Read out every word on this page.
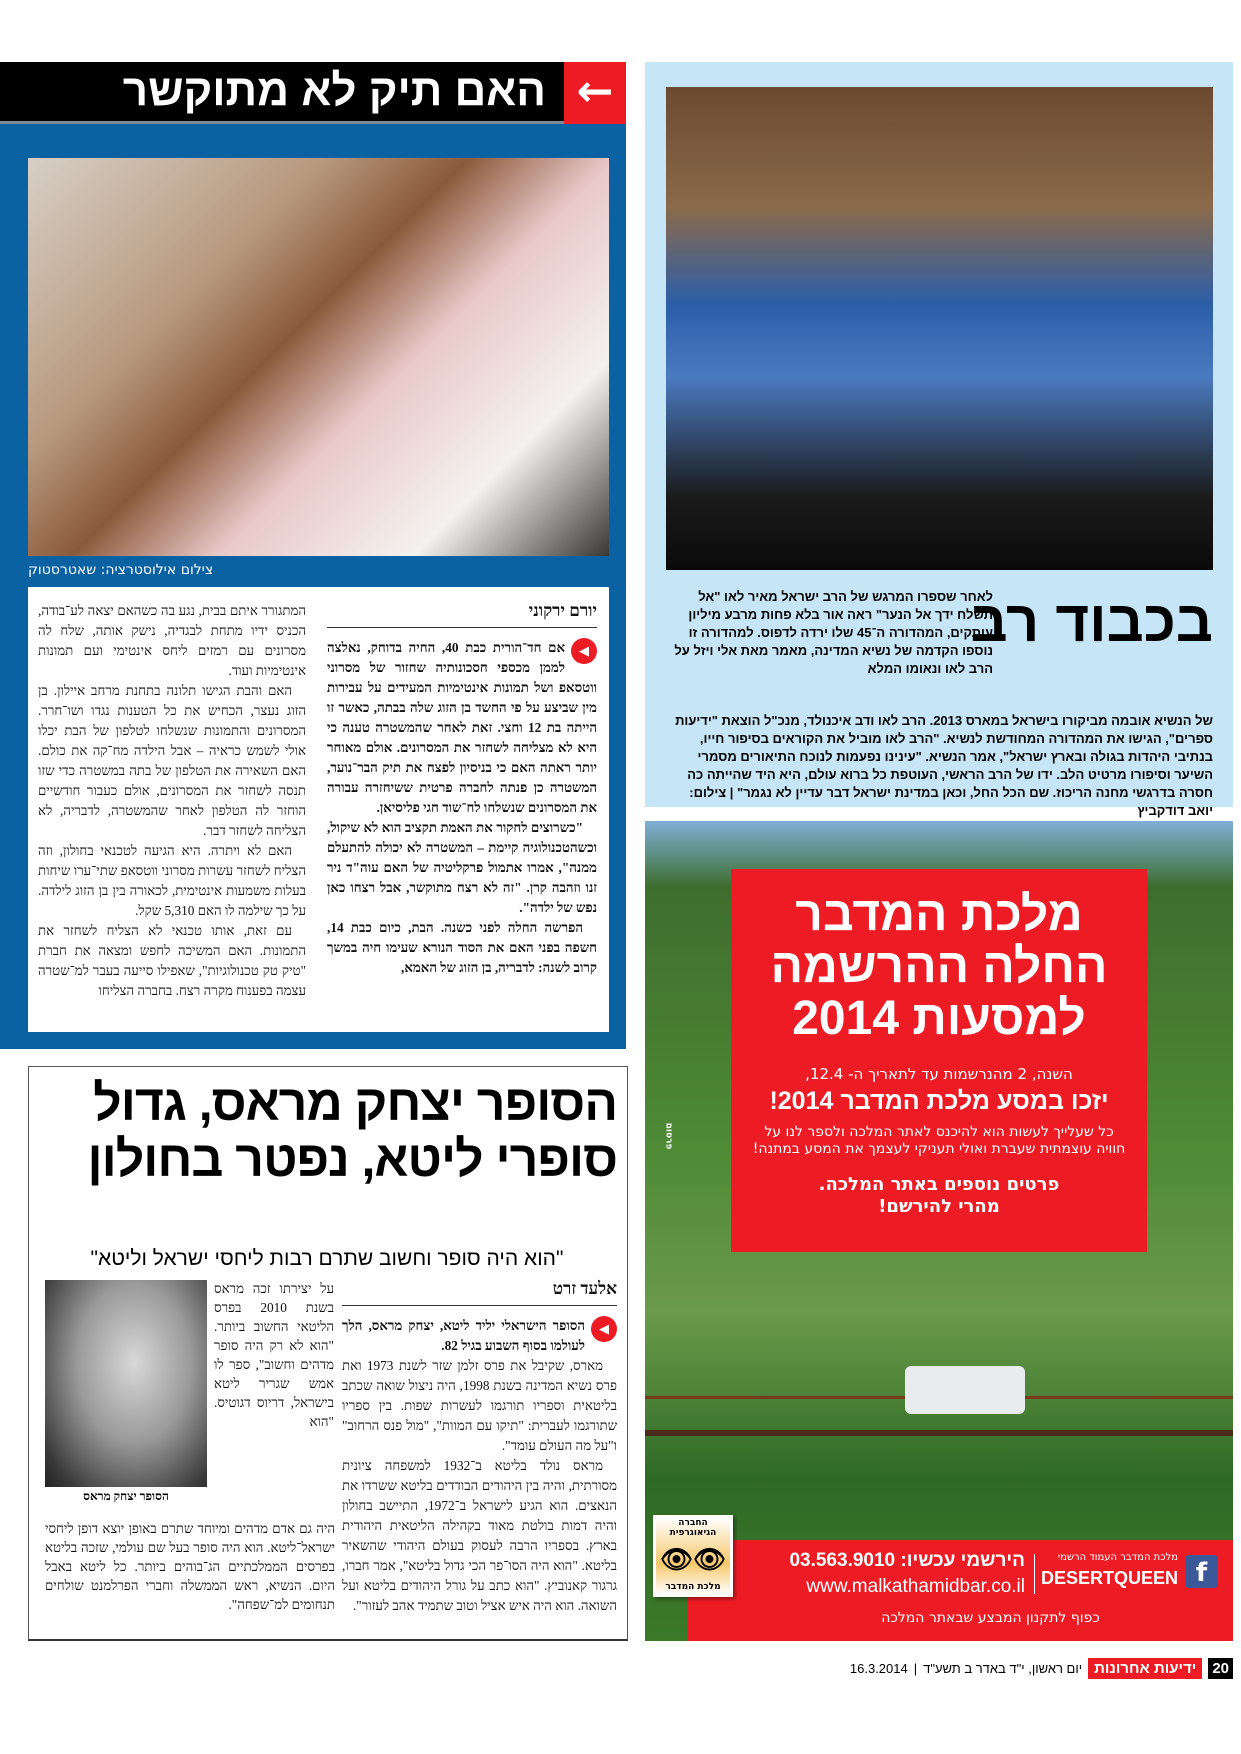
←
האם תיק לא מתוקשר
צילום אילוסטרציה: שאטרסטוק
יורם ירקוני
◀

אם חד־הורית כבת 40, החיה בדוחק, נאלצה לממן מכספי חסכונותיה שחזור של מסרוני ווטסאפ ושל תמונות אינטימיות המעידים על עבירות מין שביצע על פי החשד בן הזוג שלה בבתה, כאשר זו הייתה בת 12 וחצי. זאת לאחר שהמשטרה טענה כי היא לא מצליחה לשחזר את המסרונים. אולם מאוחר יותר ראתה האם כי בניסיון לפצח את תיק הבר־נוער, המשטרה כן פנתה לחברה פרטית ששיחזרה עבורה את המסרונים שנשלחו לח־שוד חגי פליסיאן.

"כשרוצים לחקור את האמת תקציב הוא לא שיקול, וכשהטכנולוגיה קיימת – המשטרה לא יכולה להתעלם ממנה", אמרו אתמול פרקליטיה של האם עוה"ד ניר זנו וזהבה קרן. "זה לא רצח מתוקשר, אבל רצחו כאן נפש של ילדה".

הפרשה החלה לפני כשנה. הבת, כיום כבת 14, חשפה בפני האם את הסוד הנורא שעימו חיה במשך קרוב לשנה: לדבריה, בן הזוג של האמא,

המתגורר איתם בבית, נגע בה כשהאם יצאה לע־בודה, הכניס ידיו מתחת לבגדיה, נישק אותה, שלח לה מסרונים עם רמזים ליחס אינטימי ועם תמונות אינטימיות ועוד.

האם והבת הגישו תלונה בתחנת מרחב איילון. בן הזוג נעצר, הכחיש את כל הטענות נגדו ושו־חרר. המסרונים והתמונות שנשלחו לטלפון של הבת יכלו אולי לשמש כראיה – אבל הילדה מח־קה את כולם. האם השאירה את הטלפון של בתה במשטרה כדי שזו תנסה לשחזר את המסרונים, אולם כעבור חודשיים הוחזר לה הטלפון לאחר שהמשטרה, לדבריה, לא הצליחה לשחזר דבר.

האם לא ויתרה. היא הגיעה לטכנאי בחולון, וזה הצליח לשחזר עשרות מסרוני ווטסאפ שתי־ערו שיחות בעלות משמעות אינטימית, לכאורה בין בן הזוג לילדה. על כך שילמה לו האם 5,310 שקל.

עם זאת, אותו טכנאי לא הצליח לשחזר את התמונות. האם המשיכה לחפש ומצאה את חברת "טיק טק טכנולוגיות", שאפילו סייעה בעבר למ־שטרה עצמה בפענוח מקרה רצח. בחברה הצליחו

בכבוד רב
לאחר שספרו המרגש של הרב ישראל מאיר לאו "אל תשלח ידך אל הנער" ראה אור בלא פחות מרבע מיליון עותקים, המהדורה ה־45 שלו ירדה לדפוס. למהדורה זו נוספו הקדמה של נשיא המדינה, מאמר מאת אלי ויזל על הרב לאו ונאומו המלא
של הנשיא אובמה מביקורו בישראל במארס 2013. הרב לאו ודב איכנולד, מנכ"ל הוצאת "ידיעות ספרים", הגישו את המהדורה המחודשת לנשיא. "הרב לאו מוביל את הקוראים בסיפור חייו, בנתיבי היהדות בגולה ובארץ ישראל", אמר הנשיא. "עינינו נפעמות לנוכח התיאורים מסמרי השיער וסיפורו מרטיט הלב. ידו של הרב הראשי, העוטפת כל ברוא עולם, היא היד שהייתה כה חסרה בדרגשי מחנה הריכוז. שם הכל החל, וכאן במדינת ישראל דבר עדיין לא נגמר" | צילום: יואב דודקביץ
פרסום
מלכת המדבר
החלה ההרשמה
למסעות 2014
השנה, 2 מהנרשמות עד לתאריך ה- 12.4,
יזכו במסע מלכת המדבר 2014!
כל שעלייך לעשות הוא להיכנס לאתר המלכה ולספר לנו על חוויה עוצמתית שעברת ואולי תעניקי לעצמך את המסע במתנה!
פרטים נוספים באתר המלכה.
מהרי להירשם!
f
מלכת המדבר העמוד הרשמי
DESERTQUEEN
הירשמי עכשיו: 03.563.9010
www.malkathamidbar.co.il
כפוף לתקנון המבצע שבאתר המלכה
החברה הגיאוגרפית
👁👁
מלכת המדבר
הסופר יצחק מראס, גדול סופרי ליטא, נפטר בחולון
"הוא היה סופר וחשוב שתרם רבות ליחסי ישראל וליטא"
אלעד זרט
◀

הסופר הישראלי יליד ליטא, יצחק מראס, הלך לעולמו בסוף השבוע בגיל 82.

מארס, שקיבל את פרס זלמן שזר לשנת 1973 ואת פרס נשיא המדינה בשנת 1998, היה ניצול שואה שכתב בליטאית וספריו תורגמו לעשרות שפות. בין ספריו שתורגמו לעברית: "תיקו עם המוות", "מול פנס הרחוב" ו"על מה העולם עומד".

מראס נולד בליטא ב־1932 למשפחה ציונית מסורתית, והיה בין היהודים הבודדים בליטא ששרדו את הנאצים. הוא הגיע לישראל ב־1972, התיישב בחולון והיה דמות בולטת מאוד בקהילה הליטאית היהודית בארץ. בספריו הרבה לעסוק בעולם היהודי שהשאיר בליטא. "הוא היה הסו־פר הכי גדול בליטא", אמר חברו, גרגור קאנוביץ. "הוא כתב על גורל היהודים בליטא ועל השואה. הוא היה איש אציל וטוב שתמיד אהב לעזור".

על יצירתו זכה מראס בשנת 2010 בפרס הליטאי החשוב ביותר. "הוא לא רק היה סופר מדהים וחשוב", ספר לו אמש שגריר ליטא בישראל, דריוס דגוטיס. "הוא
היה גם אדם מדהים ומיוחד שתרם באופן יוצא דופן ליחסי ישראל־ליטא. הוא היה סופר בעל שם עולמי, שזכה בליטא בפרסים הממלכתיים הג־בוהים ביותר. כל ליטא באבל היום. הנשיא, ראש הממשלה וחברי הפרלמנט שולחים תנחומים למ־שפחה".
הסופר יצחק מראס
20
ידיעות אחרונות
יום ראשון, י"ד באדר ב תשע"ד
|
16.3.2014
